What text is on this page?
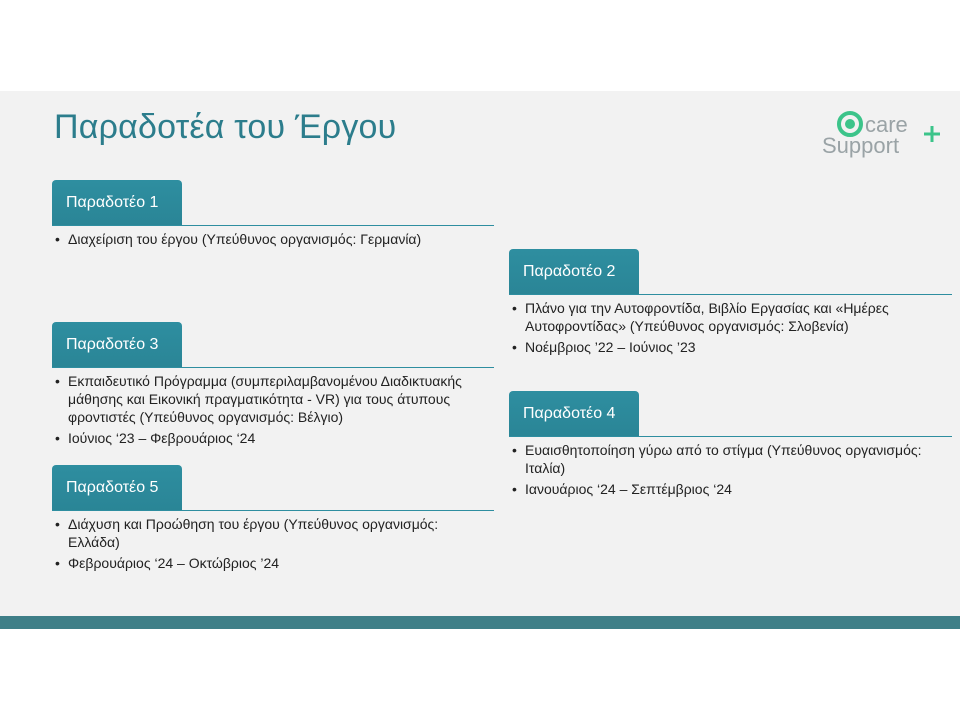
Παραδοτέα του Έργου	care
Support
Παραδοτέο 1
• Διαχείριση του έργου (Υπεύθυνος οργανισμός: Γερμανία)
Παραδοτέο 2
• Πλάνο για την Αυτοφροντίδα, Βιβλίο Εργασίας και «Ημέρες Αυτοφροντίδας» (Υπεύθυνος οργανισμός: Σλοβενία)
• Νοέμβριος ’22 – Ιούνιος ’23
Παραδοτέο 3
• Εκπαιδευτικό Πρόγραμμα (συμπεριλαμβανομένου Διαδικτυακής μάθησης και Εικονική πραγματικότητα - VR) για τους άτυπους φροντιστές (Υπεύθυνος οργανισμός: Βέλγιο)
• Ιούνιος ‘23 – Φεβρουάριος ‘24
Παραδοτέο 4
• Ευαισθητοποίηση γύρω από το στίγμα (Υπεύθυνος οργανισμός: Ιταλία)
• Ιανουάριος ‘24 – Σεπτέμβριος ‘24
Παραδοτέο 5
• Διάχυση και Προώθηση του έργου (Υπεύθυνος οργανισμός: Ελλάδα)
• Φεβρουάριος ‘24 – Οκτώβριος ’24
